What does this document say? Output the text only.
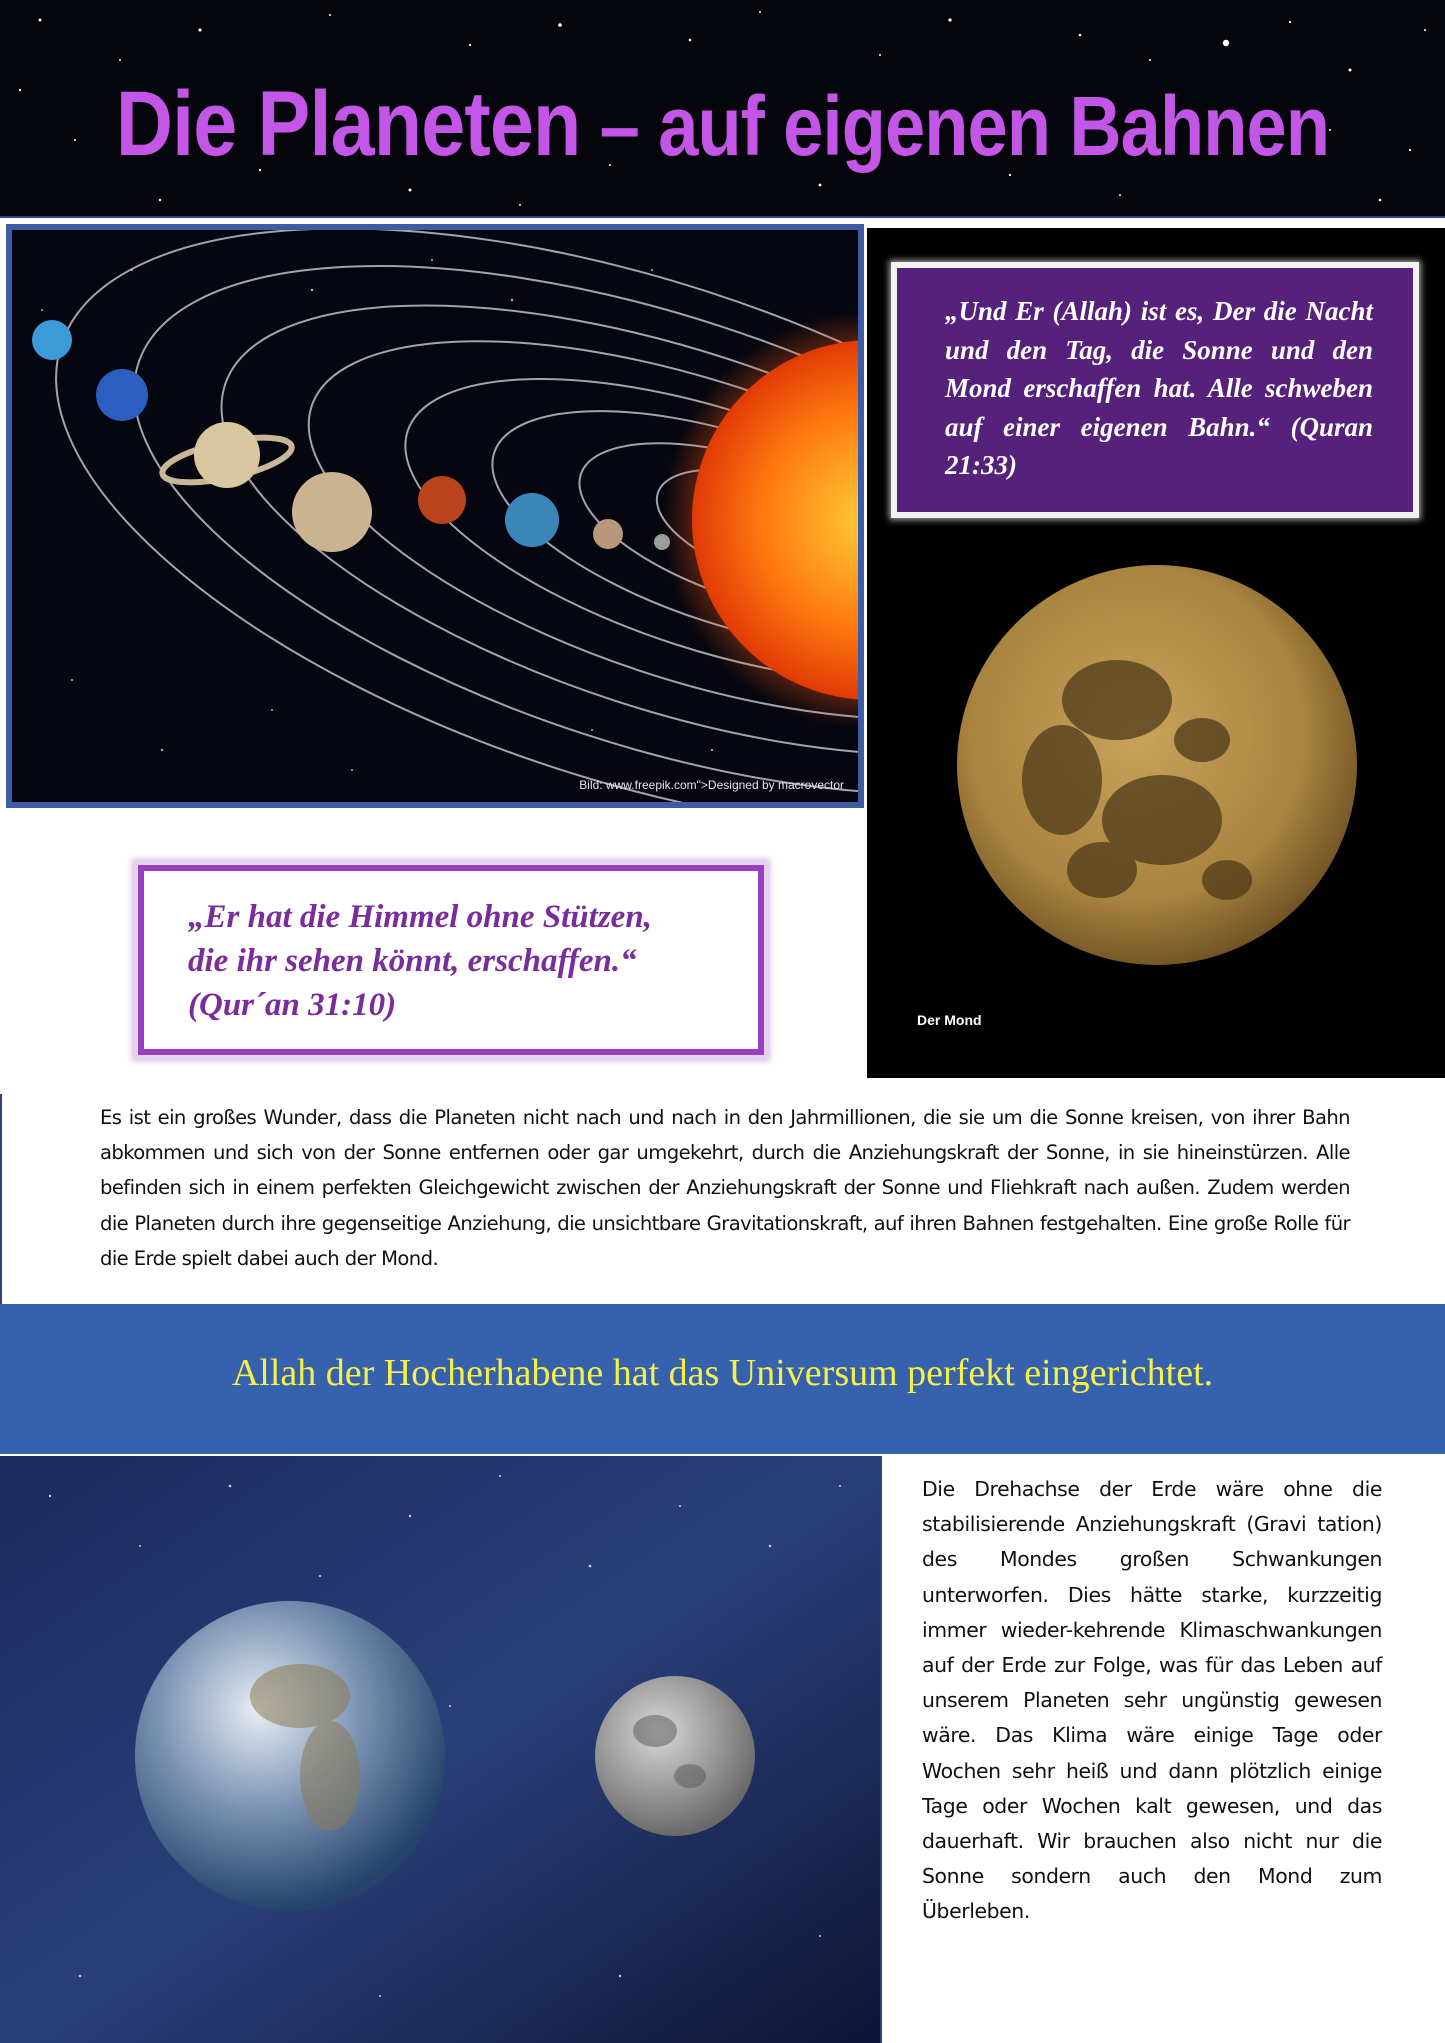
Die Planeten – auf eigenen Bahnen
Bild: www.freepik.com">Designed by macrovector
„Und Er (Allah) ist es, Der die Nacht und den Tag, die Sonne und den Mond erschaffen hat. Alle schweben auf einer eigenen Bahn.“ (Quran 21:33)
Der Mond
„Er hat die Himmel ohne Stützen,
die ihr sehen könnt, erschaffen.“
(Qur´an 31:10)

Es ist ein großes Wunder, dass die Planeten nicht nach und nach in den Jahrmillionen, die sie um die Sonne kreisen, von ihrer Bahn abkommen und sich von der Sonne entfernen oder gar umgekehrt, durch die Anziehungskraft der Sonne, in sie hineinstürzen. Alle befinden sich in einem perfekten Gleichgewicht zwischen der Anziehungskraft der Sonne und Fliehkraft nach außen. Zudem werden die Planeten durch ihre gegenseitige Anziehung, die unsichtbare Gravitationskraft, auf ihren Bahnen festgehalten. Eine große Rolle für die Erde spielt dabei auch der Mond.

Allah der Hocherhabene hat das Universum perfekt eingerichtet.

Die Drehachse der Erde wäre ohne die stabilisierende Anziehungskraft (Gravi tation) des Mondes großen Schwankungen unterworfen. Dies hätte starke, kurzzeitig immer wieder-kehrende Klimaschwankungen auf der Erde zur Folge, was für das Leben auf unserem Planeten sehr ungünstig gewesen wäre. Das Klima wäre einige Tage oder Wochen sehr heiß und dann plötzlich einige Tage oder Wochen kalt gewesen, und das dauerhaft. Wir brauchen also nicht nur die Sonne sondern auch den Mond zum Überleben.
